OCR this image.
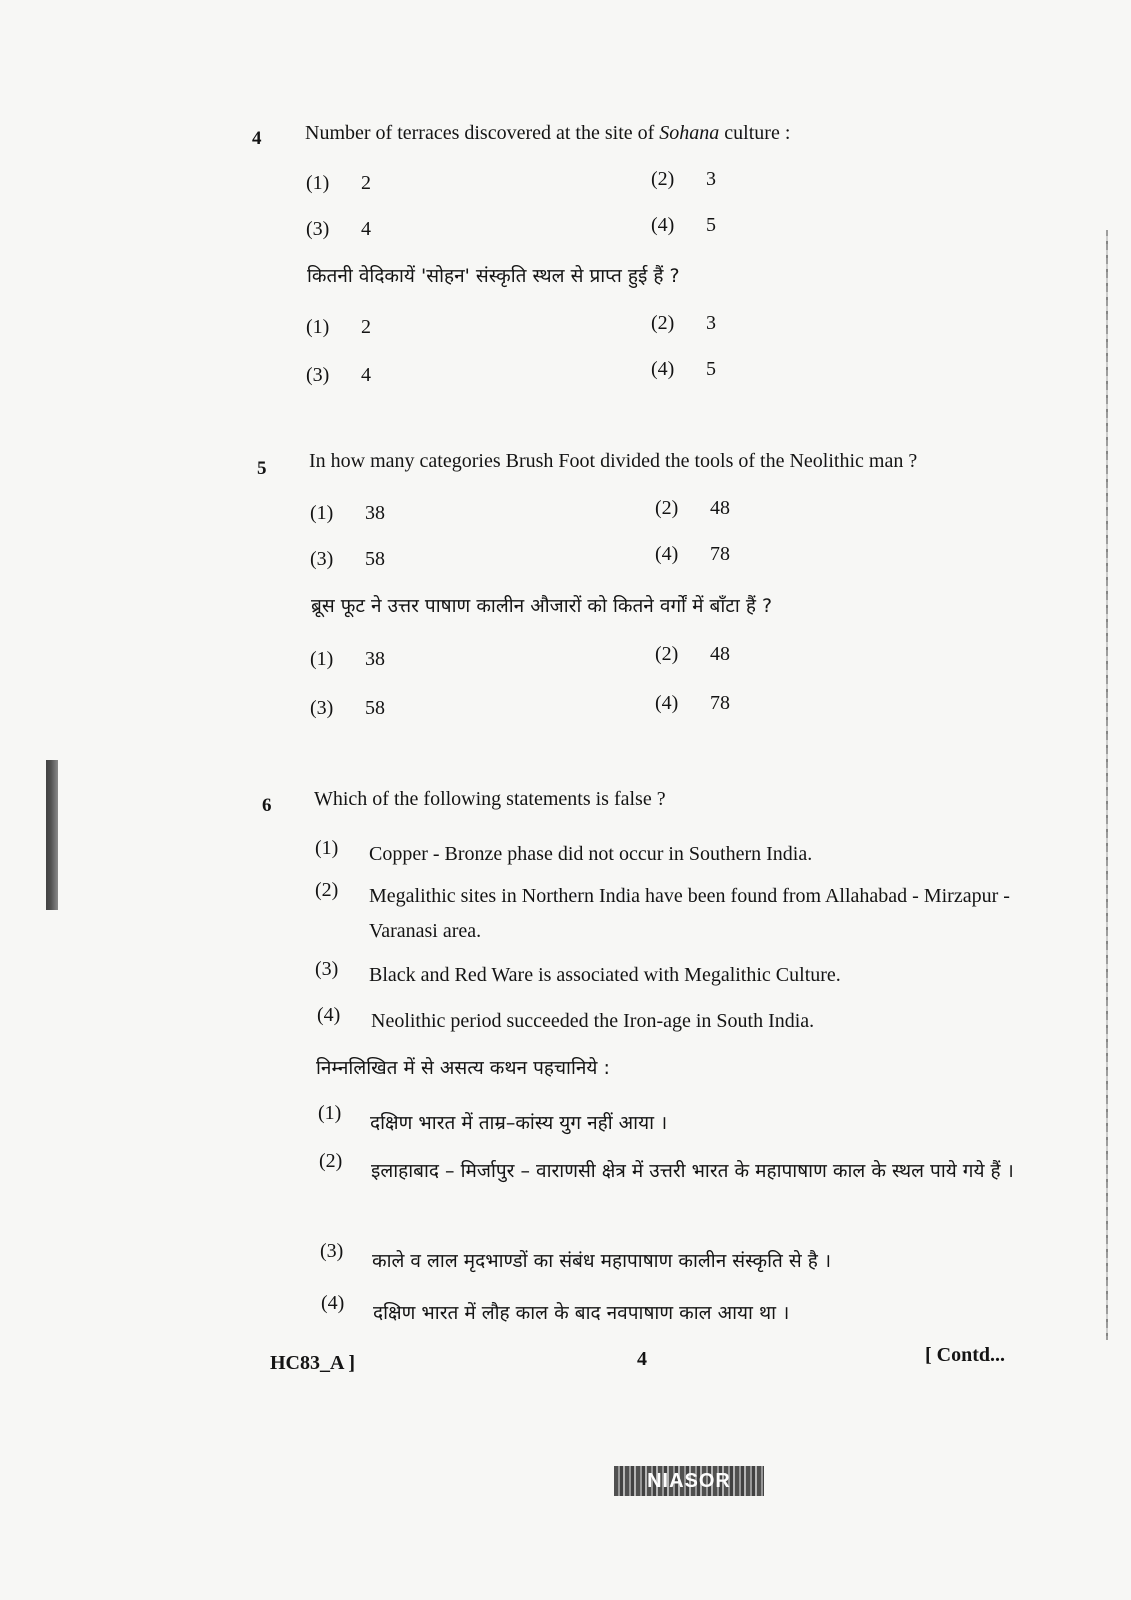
4 Number of terraces discovered at the site of Sohana culture :
(1) 2	(2) 3
(3) 4	(4) 5
कितनी वेदिकायें 'सोहन' संस्कृति स्थल से प्राप्त हुई हैं ?
(1) 2	(2) 3
(3) 4	(4) 5
5 In how many categories Brush Foot divided the tools of the Neolithic man ?
(1) 38	(2) 48
(3) 58	(4) 78
ब्रूस फूट ने उत्तर पाषाण कालीन औजारों को कितने वर्गों में बाँटा हैं ?
(1) 38	(2) 48
(3) 58	(4) 78
6 Which of the following statements is false ?
(1) Copper - Bronze phase did not occur in Southern India.
(2) Megalithic sites in Northern India have been found from Allahabad - Mirzapur - Varanasi area.
(3) Black and Red Ware is associated with Megalithic Culture.
(4) Neolithic period succeeded the Iron-age in South India.
निम्नलिखित में से असत्य कथन पहचानिये :
(1) दक्षिण भारत में ताम्र–कांस्य युग नहीं आया ।
(2) इलाहाबाद – मिर्जापुर – वाराणसी क्षेत्र में उत्तरी भारत के महापाषाण काल के स्थल पाये गये हैं ।
(3) काले व लाल मृदभाण्डों का संबंध महापाषाण कालीन संस्कृति से है ।
(4) दक्षिण भारत में लौह काल के बाद नवपाषाण काल आया था ।
HC83_A ]	4	[ Contd...
NIASOR
